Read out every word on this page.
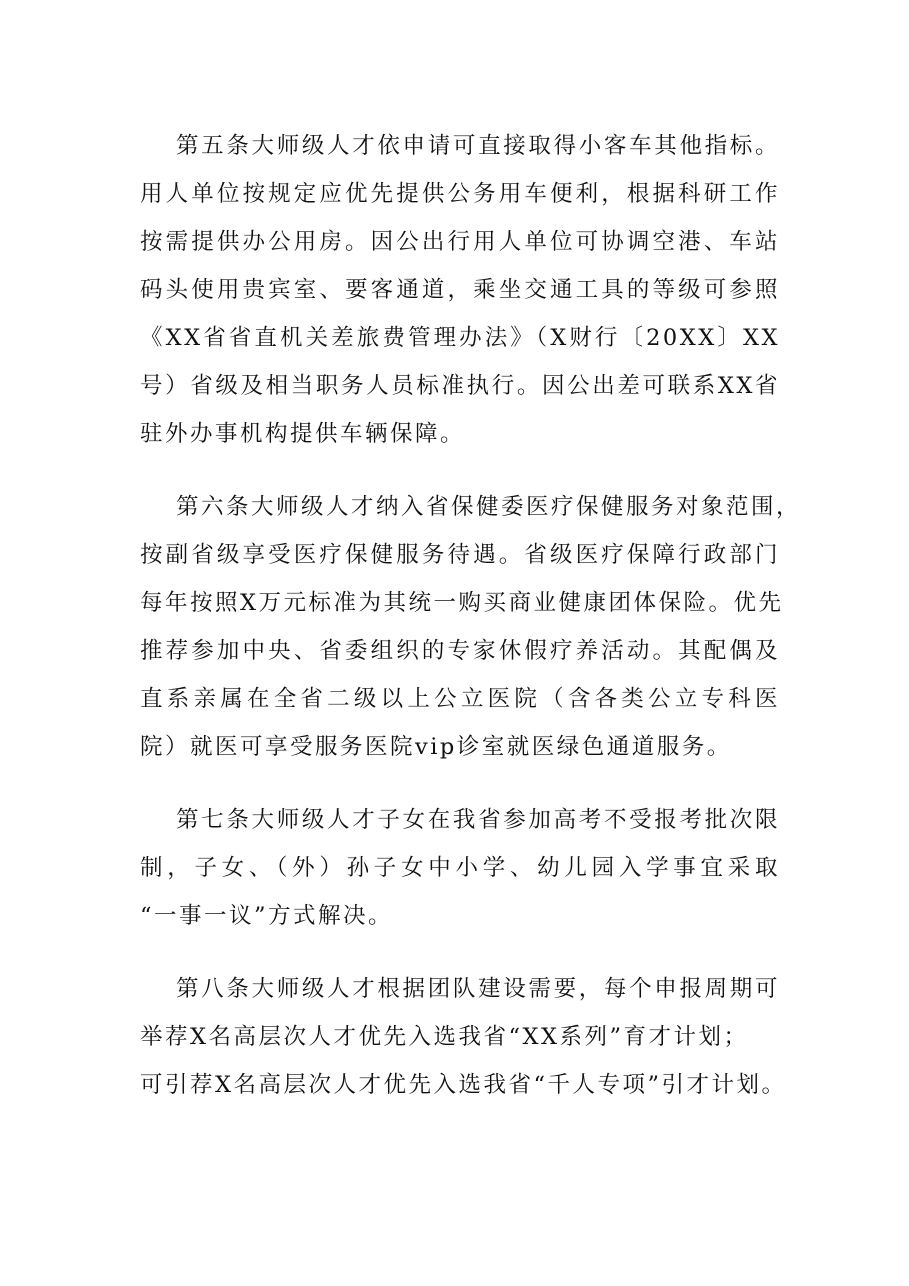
第五条大师级人才依申请可直接取得小客车其他指标。
用人单位按规定应优先提供公务用车便利，根据科研工作
按需提供办公用房。因公出行用人单位可协调空港、车站
码头使用贵宾室、要客通道，乘坐交通工具的等级可参照
《XX省省直机关差旅费管理办法》（X财行〔20XX〕XX
号）省级及相当职务人员标准执行。因公出差可联系XX省
驻外办事机构提供车辆保障。
第六条大师级人才纳入省保健委医疗保健服务对象范围，
按副省级享受医疗保健服务待遇。省级医疗保障行政部门
每年按照X万元标准为其统一购买商业健康团体保险。优先
推荐参加中央、省委组织的专家休假疗养活动。其配偶及
直系亲属在全省二级以上公立医院（含各类公立专科医
院）就医可享受服务医院vip诊室就医绿色通道服务。
第七条大师级人才子女在我省参加高考不受报考批次限
制，子女、（外）孙子女中小学、幼儿园入学事宜采取
“一事一议”方式解决。
第八条大师级人才根据团队建设需要，每个申报周期可
举荐X名高层次人才优先入选我省“XX系列”育才计划；
可引荐X名高层次人才优先入选我省“千人专项”引才计划。
